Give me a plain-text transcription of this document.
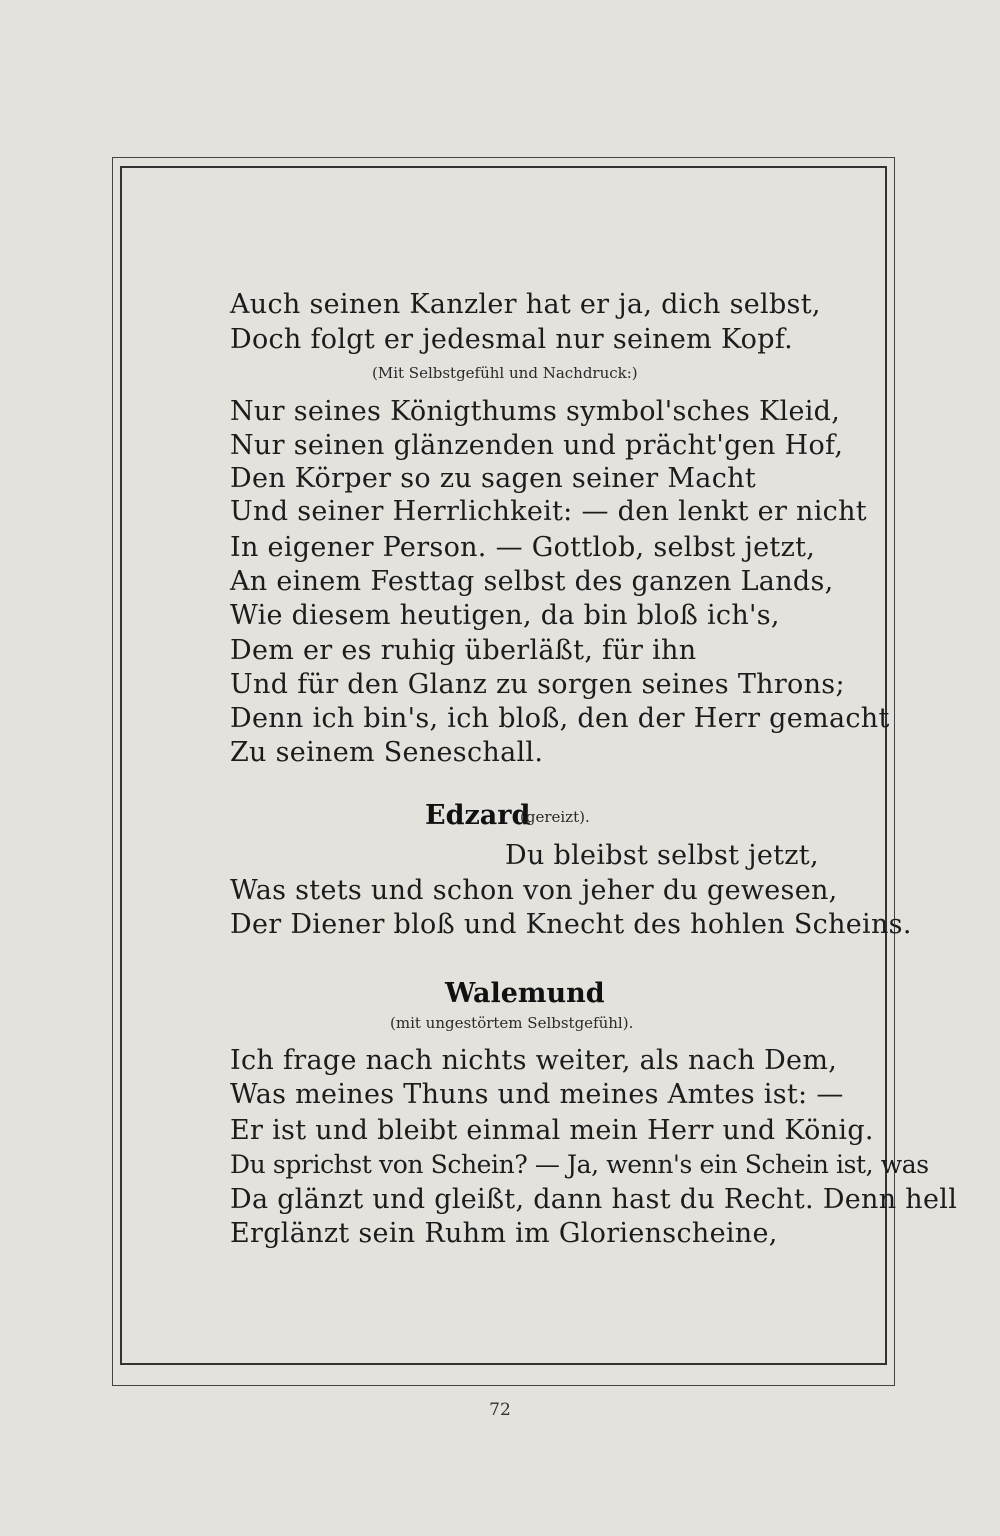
Auch seinen Kanzler hat er ja, dich selbst,
Doch folgt er jedesmal nur seinem Kopf.
(Mit Selbstgefühl und Nachdruck:)
Nur seines Königthums symbol'sches Kleid,
Nur seinen glänzenden und prächt'gen Hof,
Den Körper so zu sagen seiner Macht
Und seiner Herrlichkeit: — den lenkt er nicht
In eigener Person. — Gottlob, selbst jetzt,
An einem Festtag selbst des ganzen Lands,
Wie diesem heutigen, da bin bloß ich's,
Dem er es ruhig überläßt, für ihn
Und für den Glanz zu sorgen seines Throns;
Denn ich bin's, ich bloß, den der Herr gemacht
Zu seinem Seneschall.
Edzard
(gereizt).
Du bleibst selbst jetzt,
Was stets und schon von jeher du gewesen,
Der Diener bloß und Knecht des hohlen Scheins.
Walemund
(mit ungestörtem Selbstgefühl).
Ich frage nach nichts weiter, als nach Dem,
Was meines Thuns und meines Amtes ist: —
Er ist und bleibt einmal mein Herr und König.
Du sprichst von Schein? — Ja, wenn's ein Schein ist, was
Da glänzt und gleißt, dann hast du Recht. Denn hell
Erglänzt sein Ruhm im Glorienscheine,
72
